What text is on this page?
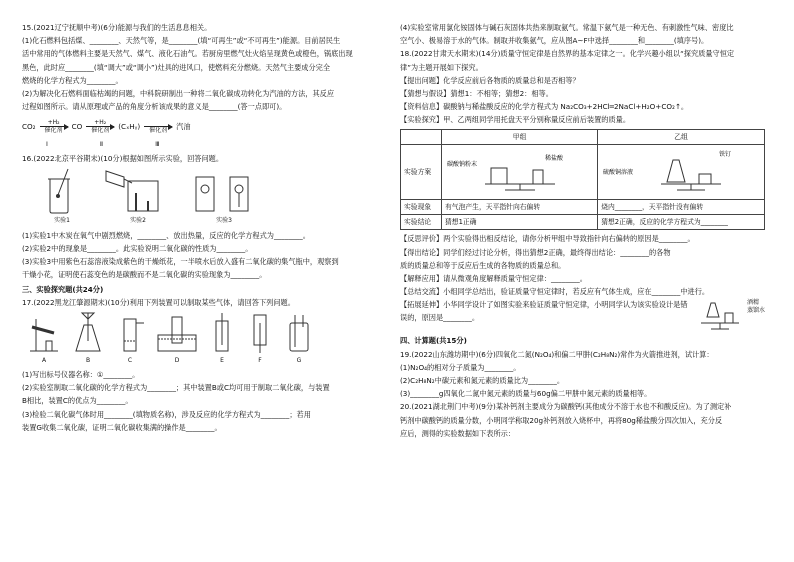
15.(2021辽宁抚顺中考)(6分)能源与我们的生活息息相关。

(1)化石燃料包括煤、________、天然气等，是________(填“可再生”或“不可再生”)能源。目前居民生

活中常用的气体燃料主要是天然气、煤气、液化石油气。若厨房里燃气灶火焰呈现黄色或橙色，锅底出现

黑色，此时应________(填“调大”或“调小”)灶具的进风口，使燃料充分燃烧。天然气主要成分完全

燃烧的化学方程式为________。

(2)为解决化石燃料面临枯竭的问题，中科院研制出一种将二氧化碳成功转化为汽油的方法，其反应

过程如图所示。请从原理或产品的角度分析该成果的意义是________(答一点即可)。

CO₂ +H₂
催化剂
CO +H₂
催化剂
(CₓHᵧ)

催化剂
汽油
Ⅰ	Ⅱ	Ⅲ

16.(2022北京平谷期末)(10分)根据如图所示实验，回答问题。

实验1	实验2	实验3

(1)实验1中木炭在氧气中剧烈燃烧，________、放出热量，反应的化学方程式为________。

(2)实验2中的现象是________。此实验说明二氧化碳的性质为________。

(3)实验3中用紫色石蕊溶液染成紫色的干燥纸花，一半喷水后放入盛有二氧化碳的集气瓶中，观察到

干燥小花，证明使石蕊变色的是碳酸而不是二氧化碳的实验现象为________。

三、实验探究题(共24分)

17.(2022黑龙江肇源期末)(10分)利用下列装置可以制取某些气体，请回答下列问题。

A	B	C	D	E	F	G

(1)写出标号仪器名称：①________。

(2)实验室制取二氧化碳的化学方程式为________；其中装置B或C均可用于制取二氧化碳，与装置

B相比，装置C的优点为________。

(3)检验二氧化碳气体时用________(填物质名称)，涉及反应的化学方程式为________；若用

装置G收集二氧化碳，证明二氧化碳收集满的操作是________。

(4)实验室常用氯化铵固体与碱石灰固体共热来制取氨气。常温下氨气是一种无色、有刺激性气味、密度比

空气小、极易溶于水的气体。制取并收集氨气，应从图A~F中选择________和________(填序号)。

18.(2022甘肃天水期末)(14分)质量守恒定律是自然界的基本定律之一。化学兴趣小组以“探究质量守恒定

律”为主题开展如下探究。

【提出问题】化学反应前后各物质的质量总和是否相等？

【猜想与假设】猜想1：不相等；猜想2：相等。

【资料信息】碳酸钠与稀盐酸反应的化学方程式为 Na₂CO₃+2HCl═2NaCl+H₂O+CO₂↑。

【实验探究】甲、乙两组同学用托盘天平分别称量反应前后装置的质量。

	甲组	乙组
实验方案	碳酸钠粉末
稀盐酸	硫酸铜溶液
铁钉

实验现象	有气泡产生，天平指针向右偏转	烧内________，天平指针没有偏转
实验结论	猜想1正确	猜想2正确，反应的化学方程式为________

【反思评价】两个实验得出相反结论，请你分析甲组中导致指针向右偏转的原因是________。

【得出结论】同学们经过讨论分析，得出猜想2正确，最终得出结论：________的各物

质的质量总和等于反应后生成的各物质的质量总和。

【解释应用】请从微观角度解释质量守恒定律：________。

【总结交流】小组同学总结出，验证质量守恒定律时，若反应有气体生成，应在________中进行。

【拓展延伸】小华同学设计了如图实验来验证质量守恒定律，小明同学认为该实验设计是错误的，原因是________。

酒精
蒸馏水

四、计算题(共15分)

19.(2022山东潍坊期中)(6分)四氧化二氮(N₂O₄)和偏二甲肼(C₂H₈N₂)常作为火箭推进剂，试计算：

(1)N₂O₄的相对分子质量为________。

(2)C₂H₈N₂中碳元素和氮元素的质量比为________。

(3)________g四氧化二氮中氮元素的质量与60g偏二甲肼中氮元素的质量相等。

20.(2021湖北荆门中考)(9分)某补钙剂主要成分为碳酸钙(其他成分不溶于水也不和酸反应)。为了测定补

钙剂中碳酸钙的质量分数，小明同学称取20g补钙剂放入烧杯中，再将80g稀盐酸分四次加入，充分反

应后，测得的实验数据如下表所示：
